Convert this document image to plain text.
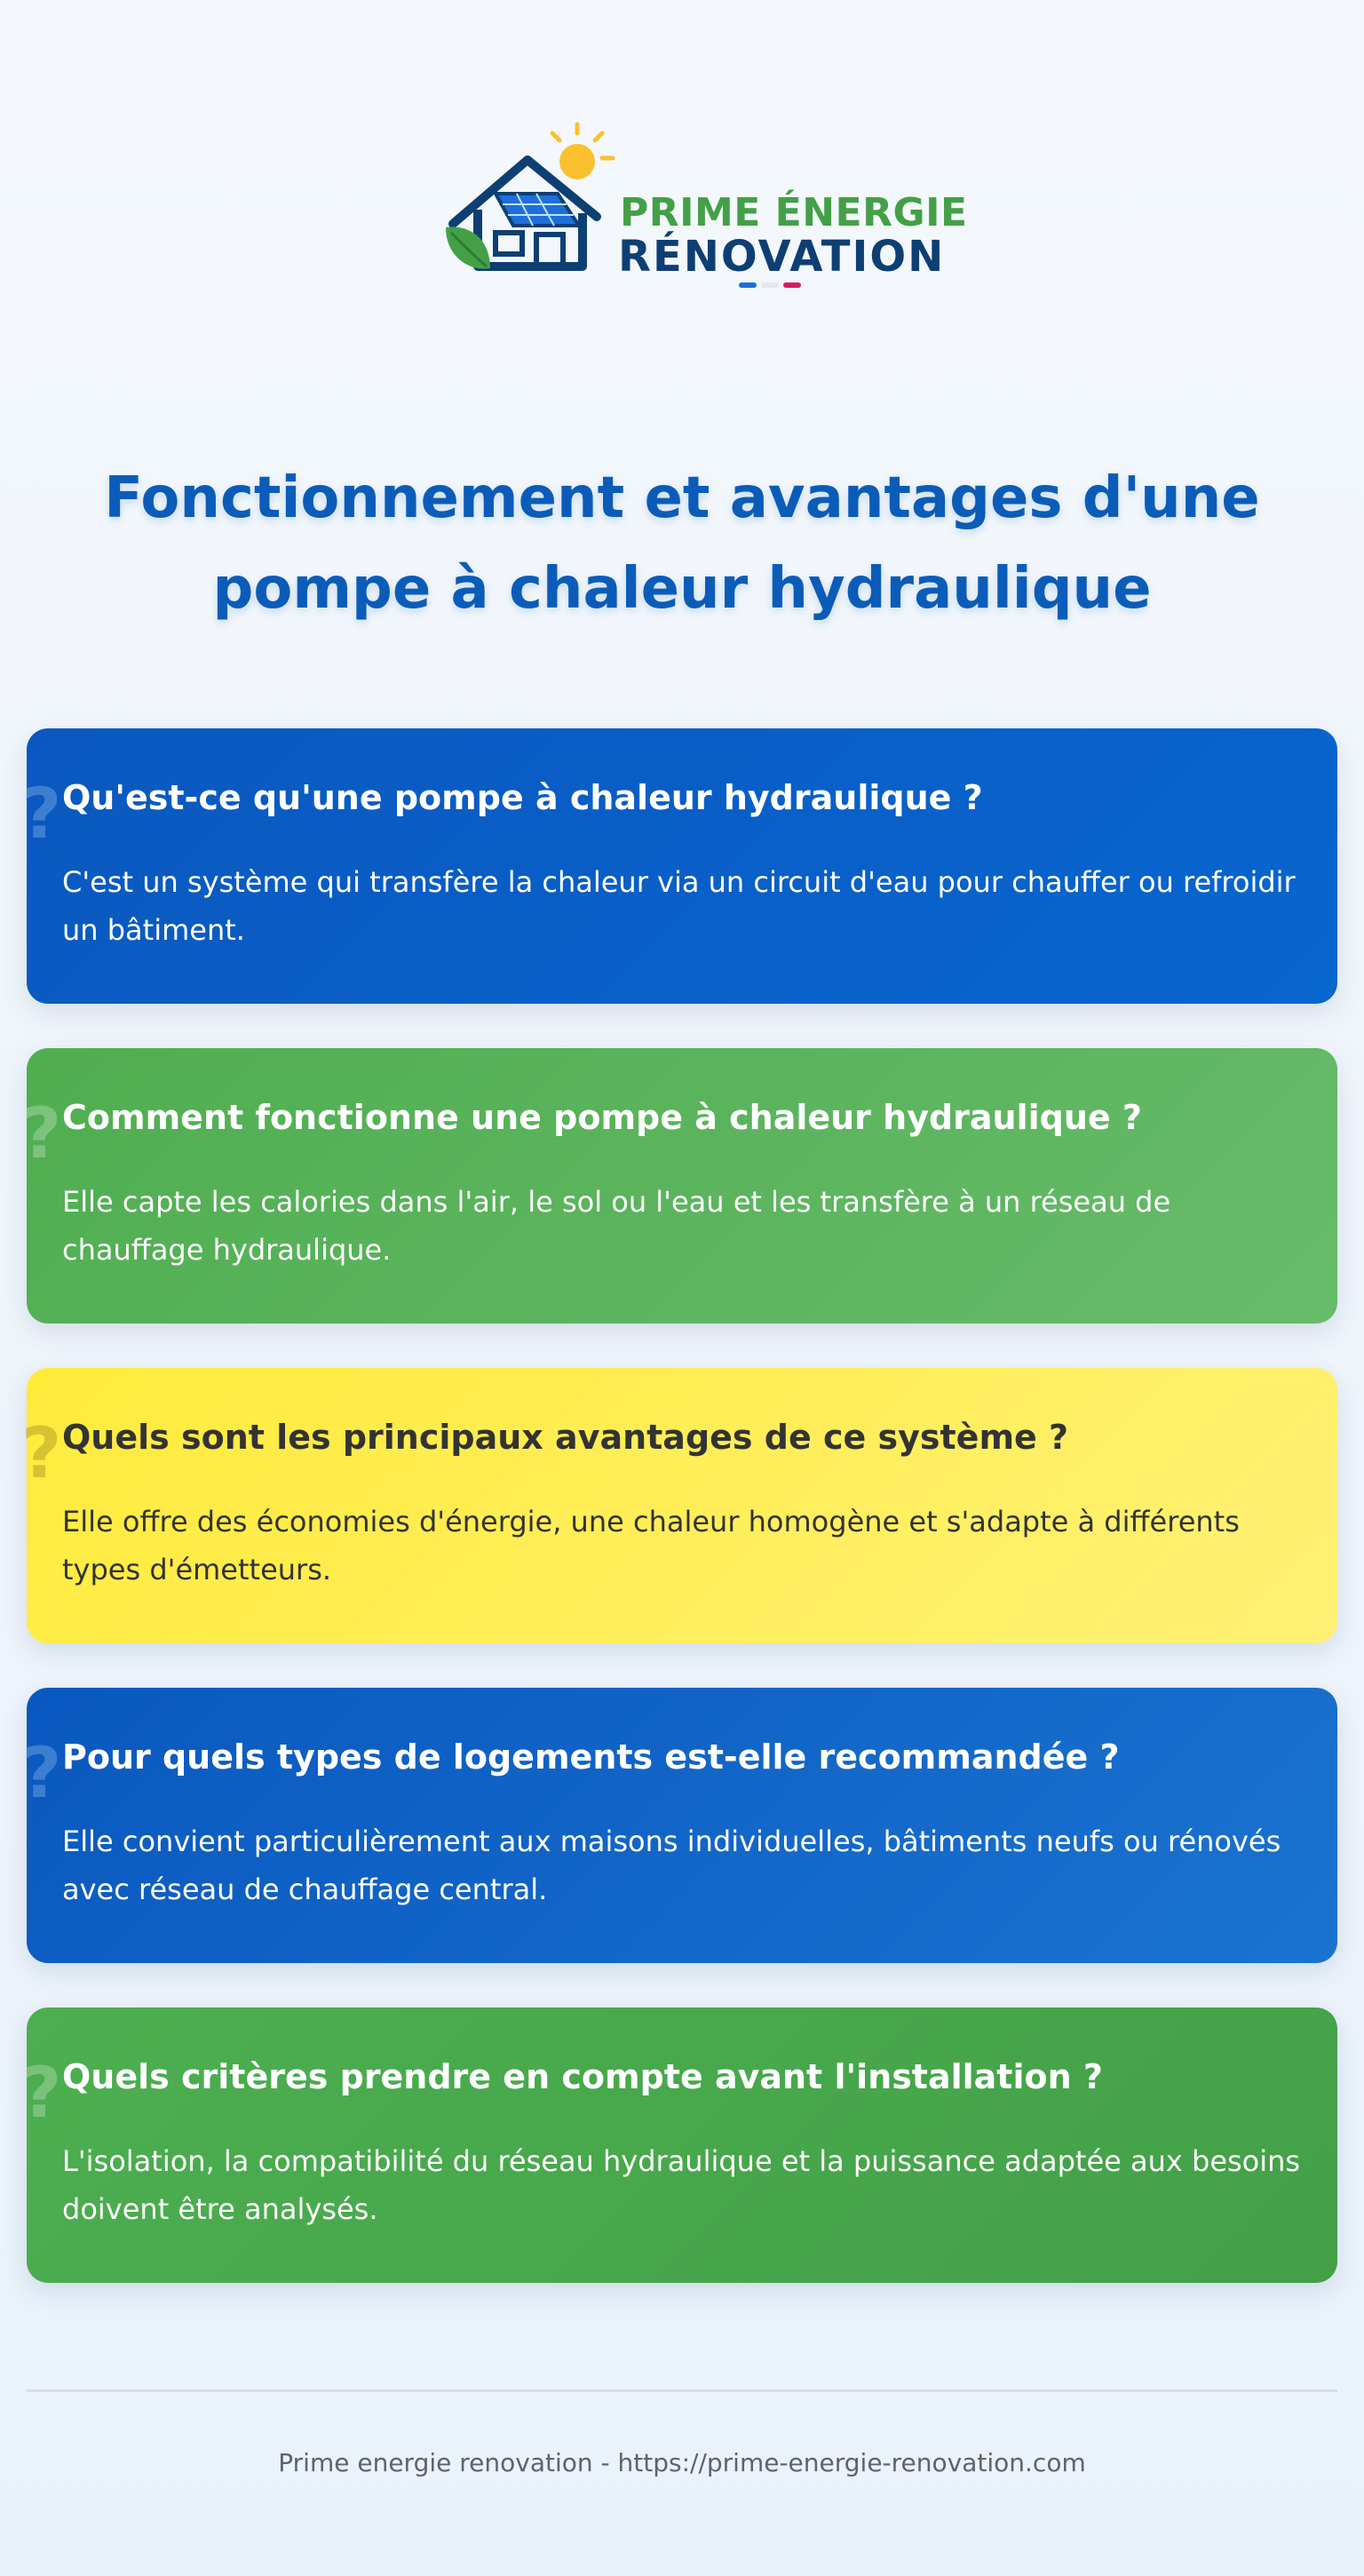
PRIME ÉNERGIE
RÉNOVATION
Fonctionnement et avantages d'une pompe à chaleur hydraulique
? Qu'est-ce qu'une pompe à chaleur hydraulique ?

C'est un système qui transfère la chaleur via un circuit d'eau pour chauffer ou refroidir un bâtiment.

? Comment fonctionne une pompe à chaleur hydraulique ?

Elle capte les calories dans l'air, le sol ou l'eau et les transfère à un réseau de chauffage hydraulique.

? Quels sont les principaux avantages de ce système ?

Elle offre des économies d'énergie, une chaleur homogène et s'adapte à différents types d'émetteurs.

? Pour quels types de logements est-elle recommandée ?

Elle convient particulièrement aux maisons individuelles, bâtiments neufs ou rénovés avec réseau de chauffage central.

? Quels critères prendre en compte avant l'installation ?

L'isolation, la compatibilité du réseau hydraulique et la puissance adaptée aux besoins doivent être analysés.

Prime energie renovation - https://prime-energie-renovation.com
